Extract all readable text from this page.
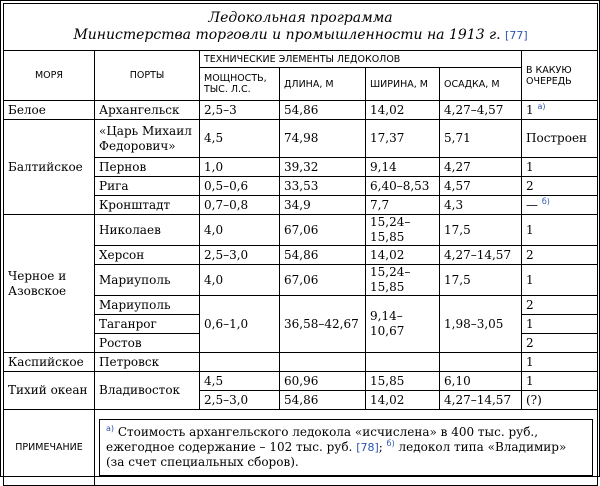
Ледокольная программа
Министерства торговли и промышленности на 1913 г. [77]						

МОРЯ	ПОРТЫ	ТЕХНИЧЕСКИЕ ЭЛЕМЕНТЫ ЛЕДОКОЛОВ				В КАКУЮ ОЧЕРЕДЬ
		МОЩНОСТЬ, ТЫС. Л.С.	ДЛИНА, М	ШИРИНА, М	ОСАДКА, М	
Белое	Архангельск	2,5–3	54,86	14,02	4,27–4,57	1 $^{а)}$
Балтийское	«Царь Михаил Федорович»	4,5	74,98	17,37	5,71	Построен
	Пернов	1,0	39,32	9,14	4,27	1
	Рига	0,5–0,6	33,53	6,40–8,53	4,57	2
	Кронштадт	0,7–0,8	34,9	7,7	4,3	— $^{б)}$
Черное и Азовское	Николаев	4,0	67,06	15,24–15,85	17,5	1
	Херсон	2,5–3,0	54,86	14,02	4,27–14,57	2
	Мариуполь	4,0	67,06	15,24–15,85	17,5	1
	Мариуполь	0,6–1,0	36,58–42,67	9,14–10,67	1,98–3,05	2
	Таганрог					1
	Ростов					2
Каспийское	Петровск					1
Тихий океан	Владивосток	4,5	60,96	15,85	6,10	1
		2,5–3,0	54,86	14,02	4,27–14,57	(?)
ПРИМЕЧАНИЕ	$^{а)}$ Стоимость архангельского ледокола «исчислена» в 400 тыс. руб., ежегодное содержание – 102 тыс. руб. [78]; $^{б)}$ ледокол типа «Владимир» (за счет специальных сборов).					
